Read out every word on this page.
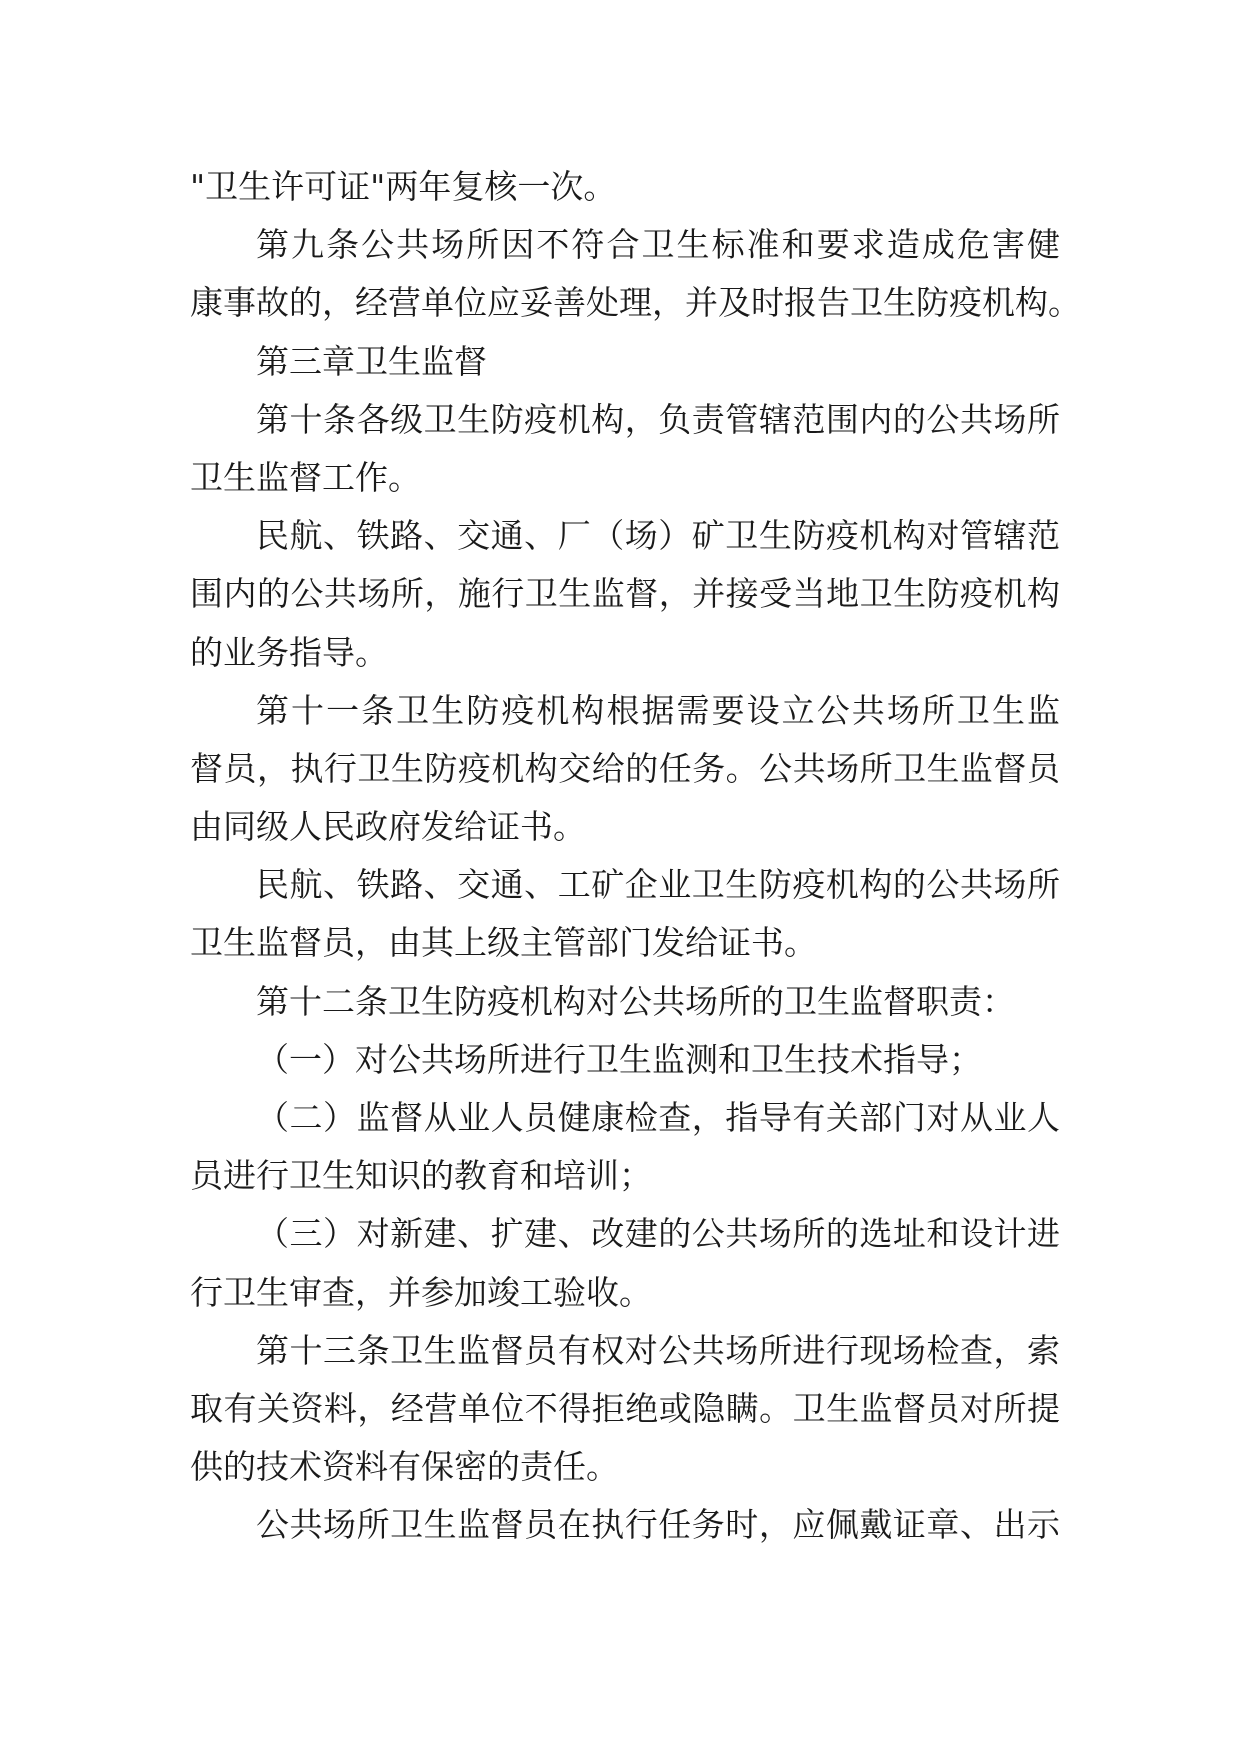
"卫生许可证"两年复核一次。
第九条公共场所因不符合卫生标准和要求造成危害健
康事故的，经营单位应妥善处理，并及时报告卫生防疫机构。
第三章卫生监督
第十条各级卫生防疫机构，负责管辖范围内的公共场所
卫生监督工作。
民航、铁路、交通、厂（场）矿卫生防疫机构对管辖范
围内的公共场所，施行卫生监督，并接受当地卫生防疫机构
的业务指导。
第十一条卫生防疫机构根据需要设立公共场所卫生监
督员，执行卫生防疫机构交给的任务。公共场所卫生监督员
由同级人民政府发给证书。
民航、铁路、交通、工矿企业卫生防疫机构的公共场所
卫生监督员，由其上级主管部门发给证书。
第十二条卫生防疫机构对公共场所的卫生监督职责：
（一）对公共场所进行卫生监测和卫生技术指导；
（二）监督从业人员健康检查，指导有关部门对从业人
员进行卫生知识的教育和培训；
（三）对新建、扩建、改建的公共场所的选址和设计进
行卫生审查，并参加竣工验收。
第十三条卫生监督员有权对公共场所进行现场检查，索
取有关资料，经营单位不得拒绝或隐瞒。卫生监督员对所提
供的技术资料有保密的责任。
公共场所卫生监督员在执行任务时，应佩戴证章、出示
